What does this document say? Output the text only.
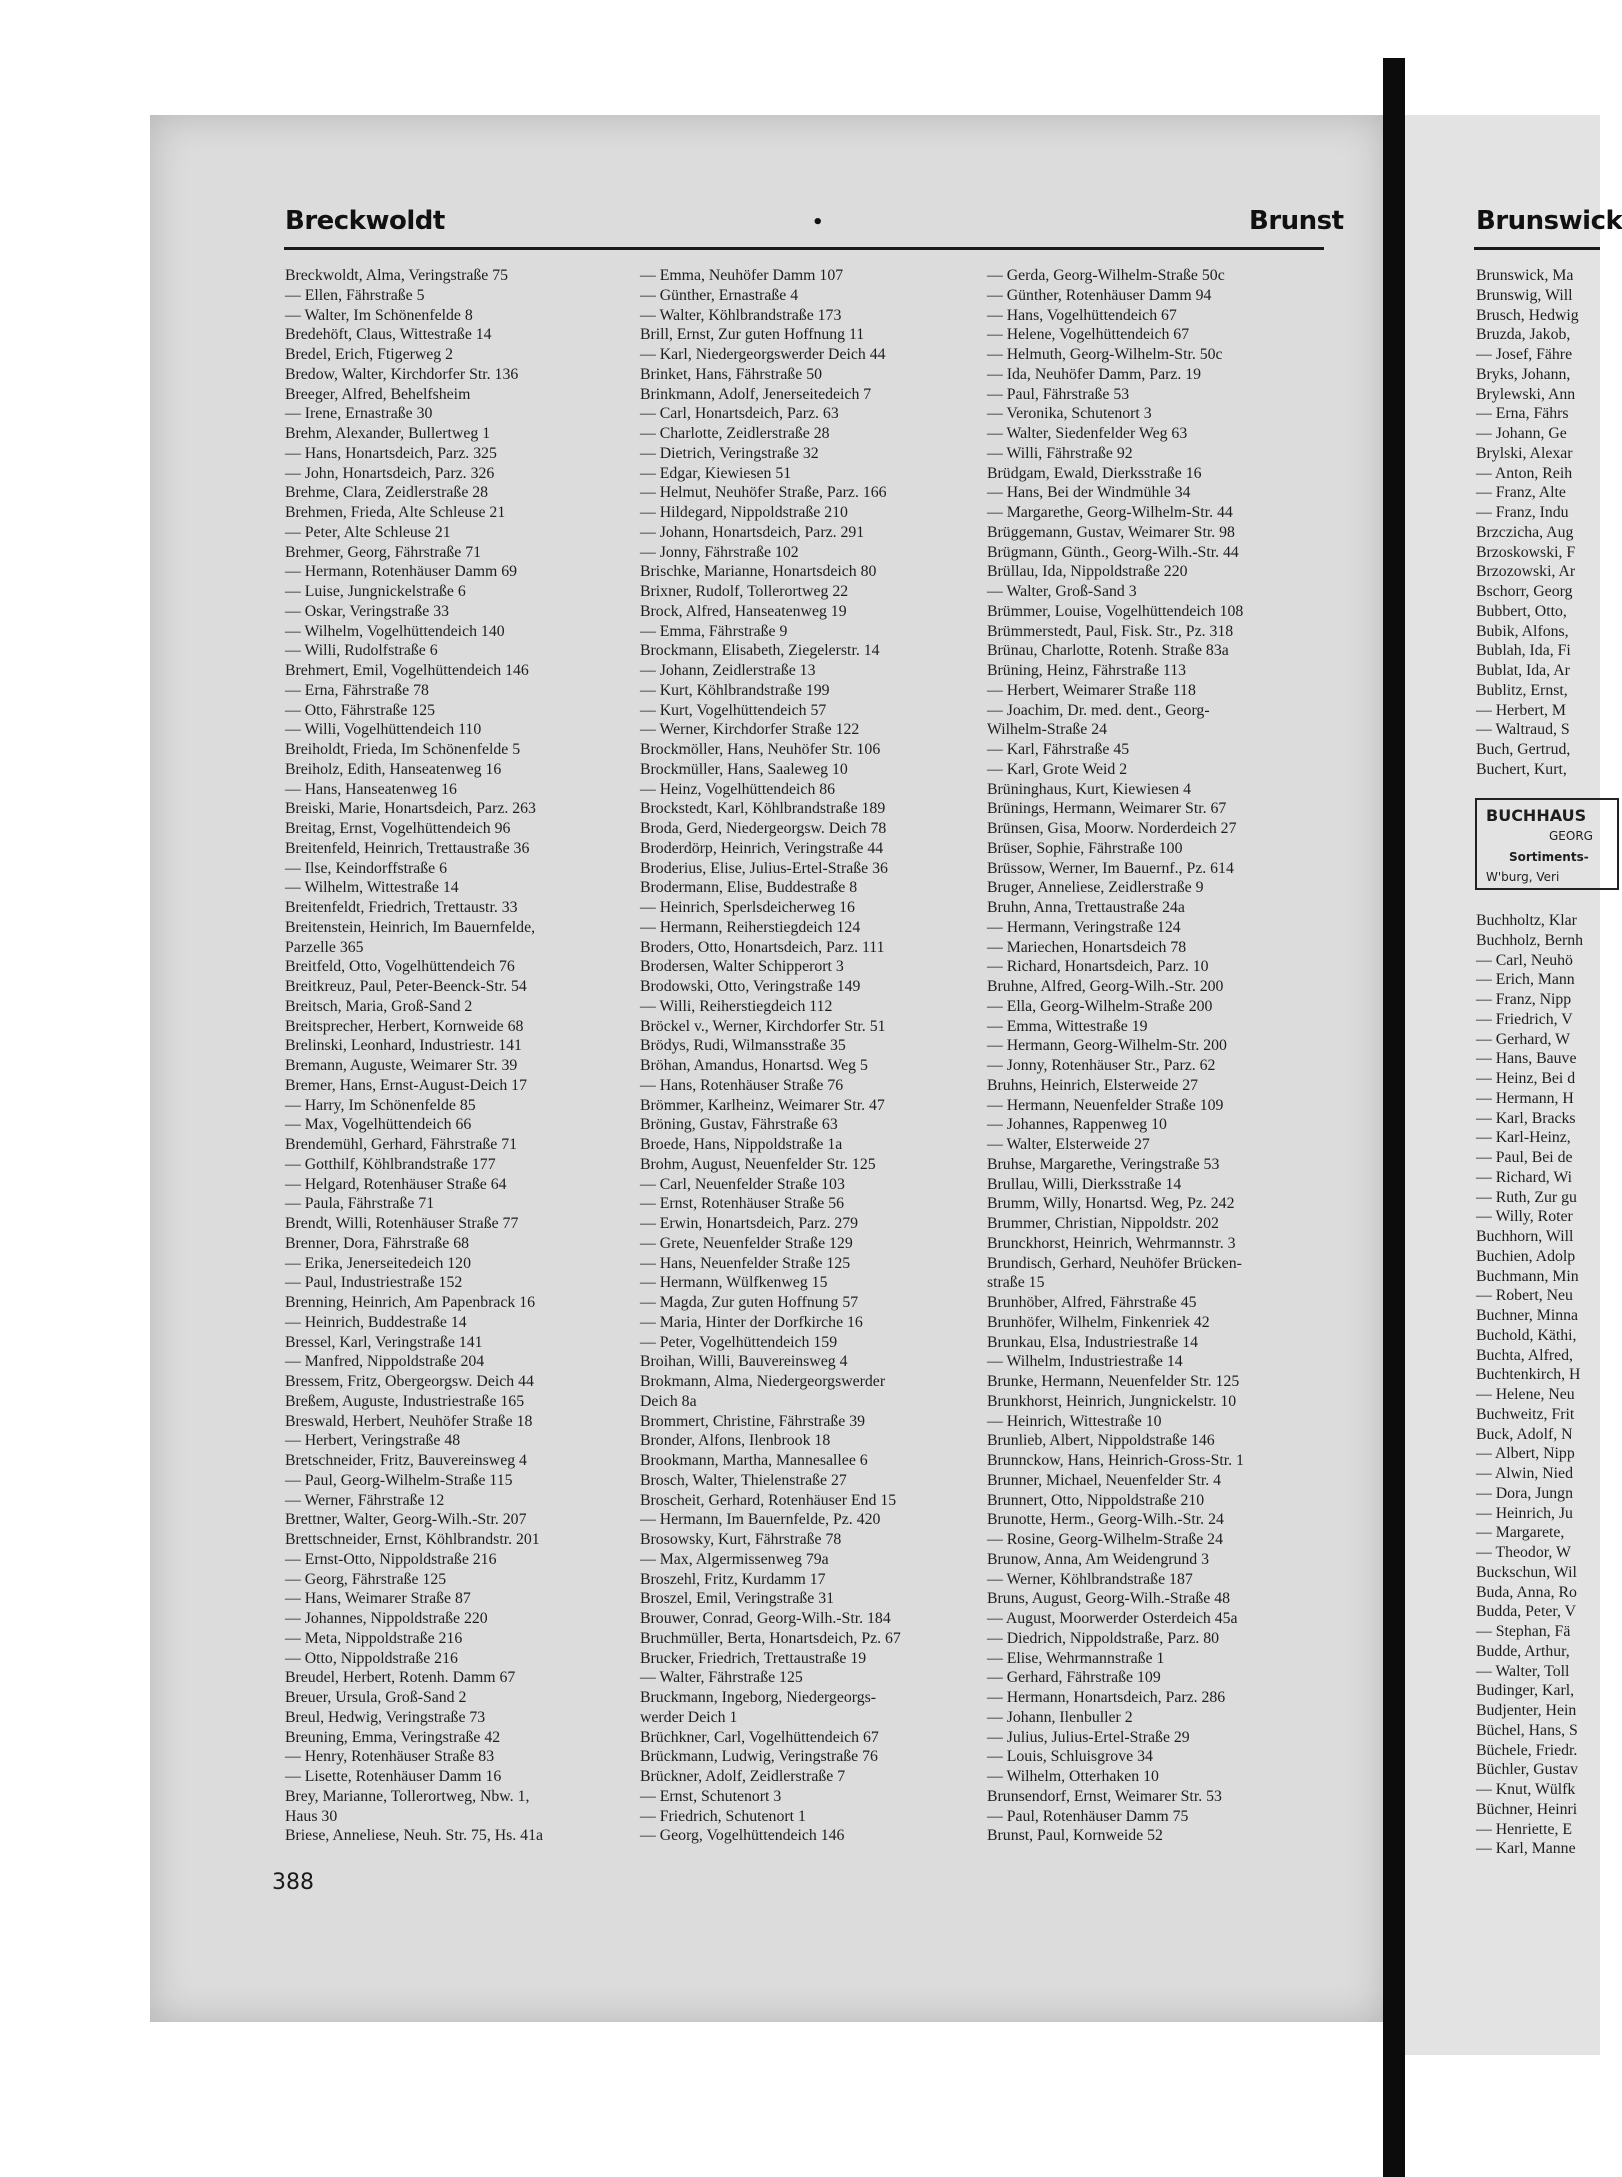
Breckwoldt	•	Brunst	Brunswick
Breckwoldt, Alma, Veringstraße 75
— Ellen, Fährstraße 5
— Walter, Im Schönenfelde 8
Bredehöft, Claus, Wittestraße 14
Bredel, Erich, Ftigerweg 2
Bredow, Walter, Kirchdorfer Str. 136
Breeger, Alfred, Behelfsheim
— Irene, Ernastraße 30
Brehm, Alexander, Bullertweg 1
— Hans, Honartsdeich, Parz. 325
— John, Honartsdeich, Parz. 326
Brehme, Clara, Zeidlerstraße 28
Brehmen, Frieda, Alte Schleuse 21
— Peter, Alte Schleuse 21
Brehmer, Georg, Fährstraße 71
— Hermann, Rotenhäuser Damm 69
— Luise, Jungnickelstraße 6
— Oskar, Veringstraße 33
— Wilhelm, Vogelhüttendeich 140
— Willi, Rudolfstraße 6
Brehmert, Emil, Vogelhüttendeich 146
— Erna, Fährstraße 78
— Otto, Fährstraße 125
— Willi, Vogelhüttendeich 110
Breiholdt, Frieda, Im Schönenfelde 5
Breiholz, Edith, Hanseatenweg 16
— Hans, Hanseatenweg 16
Breiski, Marie, Honartsdeich, Parz. 263
Breitag, Ernst, Vogelhüttendeich 96
Breitenfeld, Heinrich, Trettaustraße 36
— Ilse, Keindorffstraße 6
— Wilhelm, Wittestraße 14
Breitenfeldt, Friedrich, Trettaustr. 33
Breitenstein, Heinrich, Im Bauernfelde,
Parzelle 365
Breitfeld, Otto, Vogelhüttendeich 76
Breitkreuz, Paul, Peter-Beenck-Str. 54
Breitsch, Maria, Groß-Sand 2
Breitsprecher, Herbert, Kornweide 68
Brelinski, Leonhard, Industriestr. 141
Bremann, Auguste, Weimarer Str. 39
Bremer, Hans, Ernst-August-Deich 17
— Harry, Im Schönenfelde 85
— Max, Vogelhüttendeich 66
Brendemühl, Gerhard, Fährstraße 71
— Gotthilf, Köhlbrandstraße 177
— Helgard, Rotenhäuser Straße 64
— Paula, Fährstraße 71
Brendt, Willi, Rotenhäuser Straße 77
Brenner, Dora, Fährstraße 68
— Erika, Jenerseitedeich 120
— Paul, Industriestraße 152
Brenning, Heinrich, Am Papenbrack 16
— Heinrich, Buddestraße 14
Bressel, Karl, Veringstraße 141
— Manfred, Nippoldstraße 204
Bressem, Fritz, Obergeorgsw. Deich 44
Breßem, Auguste, Industriestraße 165
Breswald, Herbert, Neuhöfer Straße 18
— Herbert, Veringstraße 48
Bretschneider, Fritz, Bauvereinsweg 4
— Paul, Georg-Wilhelm-Straße 115
— Werner, Fährstraße 12
Brettner, Walter, Georg-Wilh.-Str. 207
Brettschneider, Ernst, Köhlbrandstr. 201
— Ernst-Otto, Nippoldstraße 216
— Georg, Fährstraße 125
— Hans, Weimarer Straße 87
— Johannes, Nippoldstraße 220
— Meta, Nippoldstraße 216
— Otto, Nippoldstraße 216
Breudel, Herbert, Rotenh. Damm 67
Breuer, Ursula, Groß-Sand 2
Breul, Hedwig, Veringstraße 73
Breuning, Emma, Veringstraße 42
— Henry, Rotenhäuser Straße 83
— Lisette, Rotenhäuser Damm 16
Brey, Marianne, Tollerortweg, Nbw. 1,
Haus 30
Briese, Anneliese, Neuh. Str. 75, Hs. 41a
— Emma, Neuhöfer Damm 107
— Günther, Ernastraße 4
— Walter, Köhlbrandstraße 173
Brill, Ernst, Zur guten Hoffnung 11
— Karl, Niedergeorgswerder Deich 44
Brinket, Hans, Fährstraße 50
Brinkmann, Adolf, Jenerseitedeich 7
— Carl, Honartsdeich, Parz. 63
— Charlotte, Zeidlerstraße 28
— Dietrich, Veringstraße 32
— Edgar, Kiewiesen 51
— Helmut, Neuhöfer Straße, Parz. 166
— Hildegard, Nippoldstraße 210
— Johann, Honartsdeich, Parz. 291
— Jonny, Fährstraße 102
Brischke, Marianne, Honartsdeich 80
Brixner, Rudolf, Tollerortweg 22
Brock, Alfred, Hanseatenweg 19
— Emma, Fährstraße 9
Brockmann, Elisabeth, Ziegelerstr. 14
— Johann, Zeidlerstraße 13
— Kurt, Köhlbrandstraße 199
— Kurt, Vogelhüttendeich 57
— Werner, Kirchdorfer Straße 122
Brockmöller, Hans, Neuhöfer Str. 106
Brockmüller, Hans, Saaleweg 10
— Heinz, Vogelhüttendeich 86
Brockstedt, Karl, Köhlbrandstraße 189
Broda, Gerd, Niedergeorgsw. Deich 78
Broderdörp, Heinrich, Veringstraße 44
Broderius, Elise, Julius-Ertel-Straße 36
Brodermann, Elise, Buddestraße 8
— Heinrich, Sperlsdeicherweg 16
— Hermann, Reiherstiegdeich 124
Broders, Otto, Honartsdeich, Parz. 111
Brodersen, Walter Schipperort 3
Brodowski, Otto, Veringstraße 149
— Willi, Reiherstiegdeich 112
Bröckel v., Werner, Kirchdorfer Str. 51
Brödys, Rudi, Wilmansstraße 35
Bröhan, Amandus, Honartsd. Weg 5
— Hans, Rotenhäuser Straße 76
Brömmer, Karlheinz, Weimarer Str. 47
Bröning, Gustav, Fährstraße 63
Broede, Hans, Nippoldstraße 1a
Brohm, August, Neuenfelder Str. 125
— Carl, Neuenfelder Straße 103
— Ernst, Rotenhäuser Straße 56
— Erwin, Honartsdeich, Parz. 279
— Grete, Neuenfelder Straße 129
— Hans, Neuenfelder Straße 125
— Hermann, Wülfkenweg 15
— Magda, Zur guten Hoffnung 57
— Maria, Hinter der Dorfkirche 16
— Peter, Vogelhüttendeich 159
Broihan, Willi, Bauvereinsweg 4
Brokmann, Alma, Niedergeorgswerder
Deich 8a
Brommert, Christine, Fährstraße 39
Bronder, Alfons, Ilenbrook 18
Brookmann, Martha, Mannesallee 6
Brosch, Walter, Thielenstraße 27
Broscheit, Gerhard, Rotenhäuser End 15
— Hermann, Im Bauernfelde, Pz. 420
Brosowsky, Kurt, Fährstraße 78
— Max, Algermissenweg 79a
Broszehl, Fritz, Kurdamm 17
Broszel, Emil, Veringstraße 31
Brouwer, Conrad, Georg-Wilh.-Str. 184
Bruchmüller, Berta, Honartsdeich, Pz. 67
Brucker, Friedrich, Trettaustraße 19
— Walter, Fährstraße 125
Bruckmann, Ingeborg, Niedergeorgs-
werder Deich 1
Brüchkner, Carl, Vogelhüttendeich 67
Brückmann, Ludwig, Veringstraße 76
Brückner, Adolf, Zeidlerstraße 7
— Ernst, Schutenort 3
— Friedrich, Schutenort 1
— Georg, Vogelhüttendeich 146
— Gerda, Georg-Wilhelm-Straße 50c
— Günther, Rotenhäuser Damm 94
— Hans, Vogelhüttendeich 67
— Helene, Vogelhüttendeich 67
— Helmuth, Georg-Wilhelm-Str. 50c
— Ida, Neuhöfer Damm, Parz. 19
— Paul, Fährstraße 53
— Veronika, Schutenort 3
— Walter, Siedenfelder Weg 63
— Willi, Fährstraße 92
Brüdgam, Ewald, Dierksstraße 16
— Hans, Bei der Windmühle 34
— Margarethe, Georg-Wilhelm-Str. 44
Brüggemann, Gustav, Weimarer Str. 98
Brügmann, Günth., Georg-Wilh.-Str. 44
Brüllau, Ida, Nippoldstraße 220
— Walter, Groß-Sand 3
Brümmer, Louise, Vogelhüttendeich 108
Brümmerstedt, Paul, Fisk. Str., Pz. 318
Brünau, Charlotte, Rotenh. Straße 83a
Brüning, Heinz, Fährstraße 113
— Herbert, Weimarer Straße 118
— Joachim, Dr. med. dent., Georg-
Wilhelm-Straße 24
— Karl, Fährstraße 45
— Karl, Grote Weid 2
Brüninghaus, Kurt, Kiewiesen 4
Brünings, Hermann, Weimarer Str. 67
Brünsen, Gisa, Moorw. Norderdeich 27
Brüser, Sophie, Fährstraße 100
Brüssow, Werner, Im Bauernf., Pz. 614
Bruger, Anneliese, Zeidlerstraße 9
Bruhn, Anna, Trettaustraße 24a
— Hermann, Veringstraße 124
— Mariechen, Honartsdeich 78
— Richard, Honartsdeich, Parz. 10
Bruhne, Alfred, Georg-Wilh.-Str. 200
— Ella, Georg-Wilhelm-Straße 200
— Emma, Wittestraße 19
— Hermann, Georg-Wilhelm-Str. 200
— Jonny, Rotenhäuser Str., Parz. 62
Bruhns, Heinrich, Elsterweide 27
— Hermann, Neuenfelder Straße 109
— Johannes, Rappenweg 10
— Walter, Elsterweide 27
Bruhse, Margarethe, Veringstraße 53
Brullau, Willi, Dierksstraße 14
Brumm, Willy, Honartsd. Weg, Pz. 242
Brummer, Christian, Nippoldstr. 202
Brunckhorst, Heinrich, Wehrmannstr. 3
Brundisch, Gerhard, Neuhöfer Brücken-
straße 15
Brunhöber, Alfred, Fährstraße 45
Brunhöfer, Wilhelm, Finkenriek 42
Brunkau, Elsa, Industriestraße 14
— Wilhelm, Industriestraße 14
Brunke, Hermann, Neuenfelder Str. 125
Brunkhorst, Heinrich, Jungnickelstr. 10
— Heinrich, Wittestraße 10
Brunlieb, Albert, Nippoldstraße 146
Brunnckow, Hans, Heinrich-Gross-Str. 1
Brunner, Michael, Neuenfelder Str. 4
Brunnert, Otto, Nippoldstraße 210
Brunotte, Herm., Georg-Wilh.-Str. 24
— Rosine, Georg-Wilhelm-Straße 24
Brunow, Anna, Am Weidengrund 3
— Werner, Köhlbrandstraße 187
Bruns, August, Georg-Wilh.-Straße 48
— August, Moorwerder Osterdeich 45a
— Diedrich, Nippoldstraße, Parz. 80
— Elise, Wehrmannstraße 1
— Gerhard, Fährstraße 109
— Hermann, Honartsdeich, Parz. 286
— Johann, Ilenbuller 2
— Julius, Julius-Ertel-Straße 29
— Louis, Schluisgrove 34
— Wilhelm, Otterhaken 10
Brunsendorf, Ernst, Weimarer Str. 53
— Paul, Rotenhäuser Damm 75
Brunst, Paul, Kornweide 52
Brunswick, Ma
Brunswig, Will
Brusch, Hedwig
Bruzda, Jakob,
— Josef, Fähre
Bryks, Johann,
Brylewski, Ann
— Erna, Fährs
— Johann, Ge
Brylski, Alexar
— Anton, Reih
— Franz, Alte
— Franz, Indu
Brzczicha, Aug
Brzoskowski, F
Brzozowski, Ar
Bschorr, Georg
Bubbert, Otto,
Bubik, Alfons,
Bublah, Ida, Fi
Bublat, Ida, Ar
Bublitz, Ernst,
— Herbert, M
— Waltraud, S
Buch, Gertrud,
Buchert, Kurt,
BUCHHAUS
GEORG
Sortiments-
W'burg, Veri
Buchholtz, Klar
Buchholz, Bernh
— Carl, Neuhö
— Erich, Mann
— Franz, Nipp
— Friedrich, V
— Gerhard, W
— Hans, Bauve
— Heinz, Bei d
— Hermann, H
— Karl, Bracks
— Karl-Heinz,
— Paul, Bei de
— Richard, Wi
— Ruth, Zur gu
— Willy, Roter
Buchhorn, Will
Buchien, Adolp
Buchmann, Min
— Robert, Neu
Buchner, Minna
Buchold, Käthi,
Buchta, Alfred,
Buchtenkirch, H
— Helene, Neu
Buchweitz, Frit
Buck, Adolf, N
— Albert, Nipp
— Alwin, Nied
— Dora, Jungn
— Heinrich, Ju
— Margarete,
— Theodor, W
Buckschun, Wil
Buda, Anna, Ro
Budda, Peter, V
— Stephan, Fä
Budde, Arthur,
— Walter, Toll
Budinger, Karl,
Budjenter, Hein
Büchel, Hans, S
Büchele, Friedr.
Büchler, Gustav
— Knut, Wülfk
Büchner, Heinri
— Henriette, E
— Karl, Manne
388
